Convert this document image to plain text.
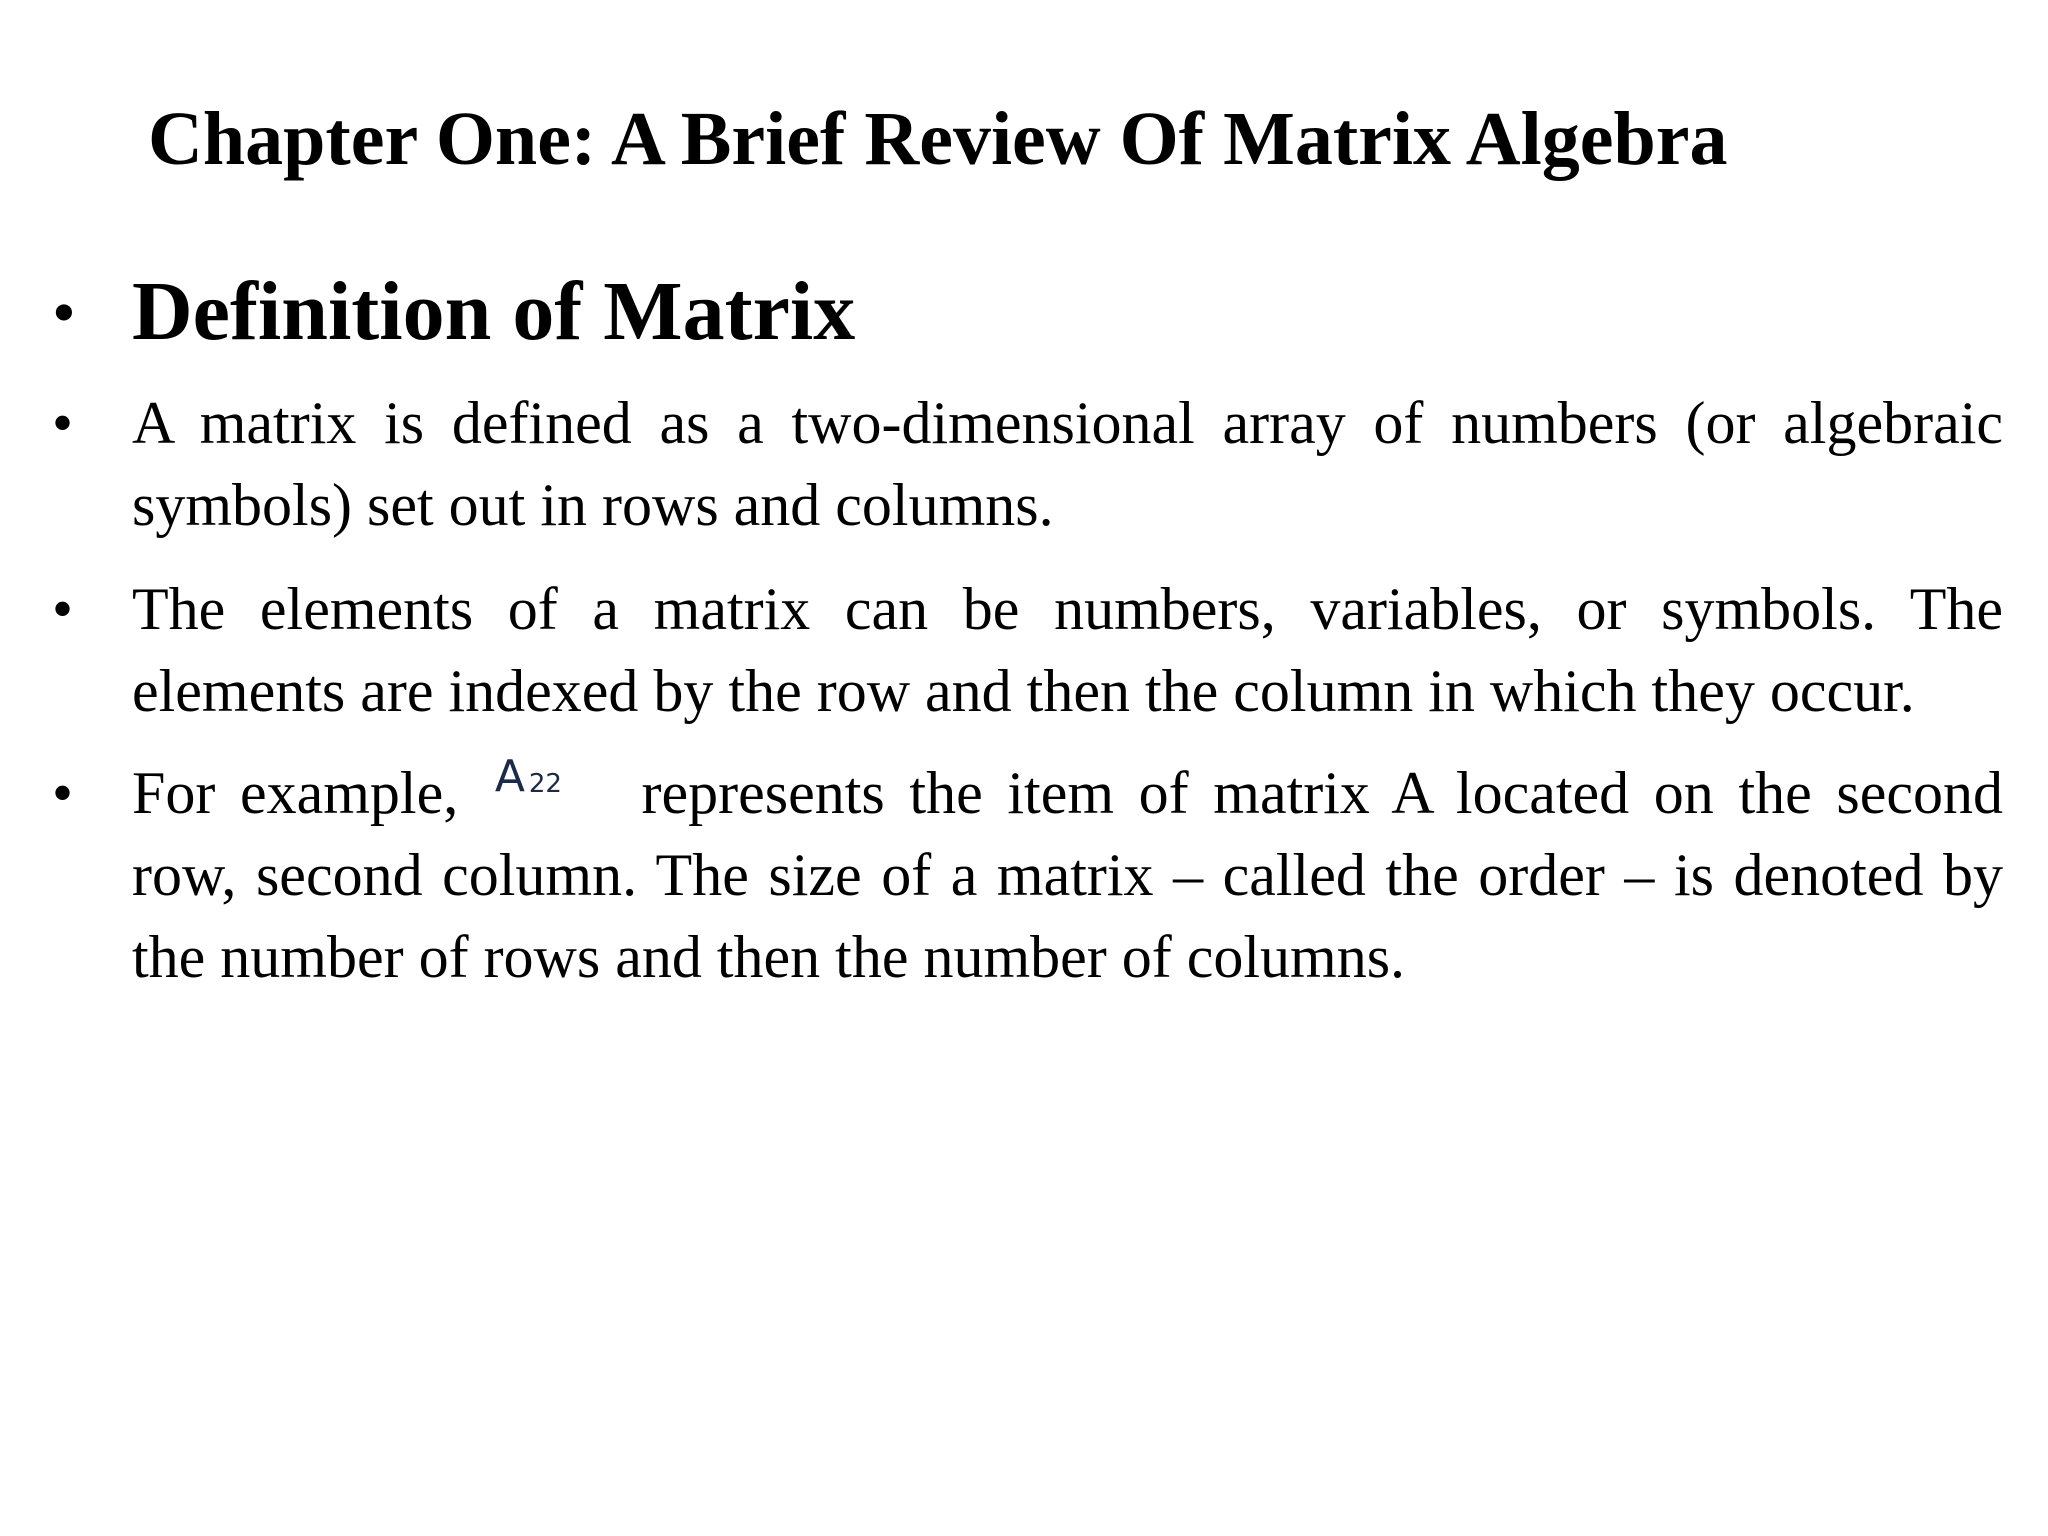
Chapter One: A Brief Review Of Matrix Algebra
• Definition of Matrix
• A matrix is defined as a two-dimensional array of numbers (or algebraic symbols) set out in rows and columns.
• The elements of a matrix can be numbers, variables, or symbols. The elements are indexed by the row and then the column in which they occur.
• For example, A 22 represents the item of matrix A located on the second row, second column. The size of a matrix – called the order – is denoted by the number of rows and then the number of columns.
